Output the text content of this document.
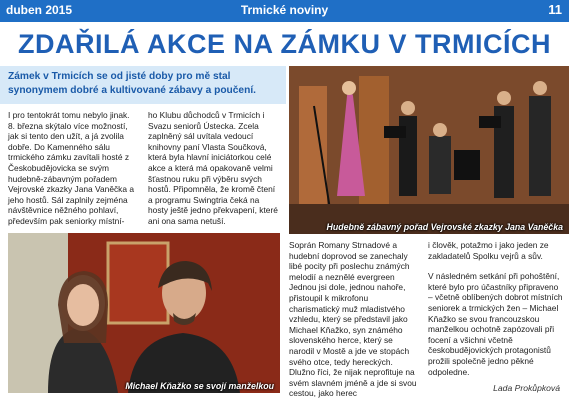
duben 2015	Trmické noviny	11
ZDAŘILÁ AKCE NA ZÁMKU V TRMICÍCH
Zámek v Trmicích se od jisté doby pro mě stal synonymem dobré a kultivované zábavy a poučení.

I pro tentokrát tomu nebylo jinak. 8. března skýtalo více možností, jak si tento den užít, a já zvolila dobře. Do Kamenného sálu trmického zámku zavítali hosté z Českobudějovicka se svým hudebně-zábavným pořadem Vejrovské zkazky Jana Vaněčka a jeho hostů. Sál zaplnily zejména návštěvnice něžného pohlaví, především pak seniorky místní-

ho Klubu důchodců v Trmicích i Svazu seniorů Ústecka. Zcela zaplněný sál uvítala vedoucí knihovny paní Vlasta Součková, která byla hlavní iniciátorkou celé akce a která má opakovaně velmi šťastnou ruku při výběru svých hostů. Připomněla, že kromě čtení a programu Swingtria čeká na hosty ještě jedno překvapení, které ani ona sama netuší.

Hudebně zábavný pořad Vejrovské zkazky Jana Vaněčka
Michael Kňažko se svojí manželkou

Soprán Romany Strnadové a hudební doprovod se zanechaly libé pocity při poslechu známých melodií a neznělé evergreen Jednou jsi dole, jednou nahoře, přistoupil k mikrofonu charismatický muž mladistvého vzhledu, který se představil jako Michael Kňažko, syn známého slovenského herce, který se narodil v Mostě a jde ve stopách svého otce, tedy hereckých. Dlužno říci, že nijak neprofituje na svém slavném jméně a jde si svou cestou, jako herec

i člověk, potažmo i jako jeden ze zakladatelů Spolku vejrů a sův.

V následném setkání při pohoštění, které bylo pro účastníky připraveno – včetně oblíbených dobrot místních seniorek a trmických žen – Michael Kňažko se svou francouzskou manželkou ochotně zapózovali při focení a všichni včetně českobudějovických protagonistů prožili společně jedno pěkné odpoledne.

Lada Prokůpková
